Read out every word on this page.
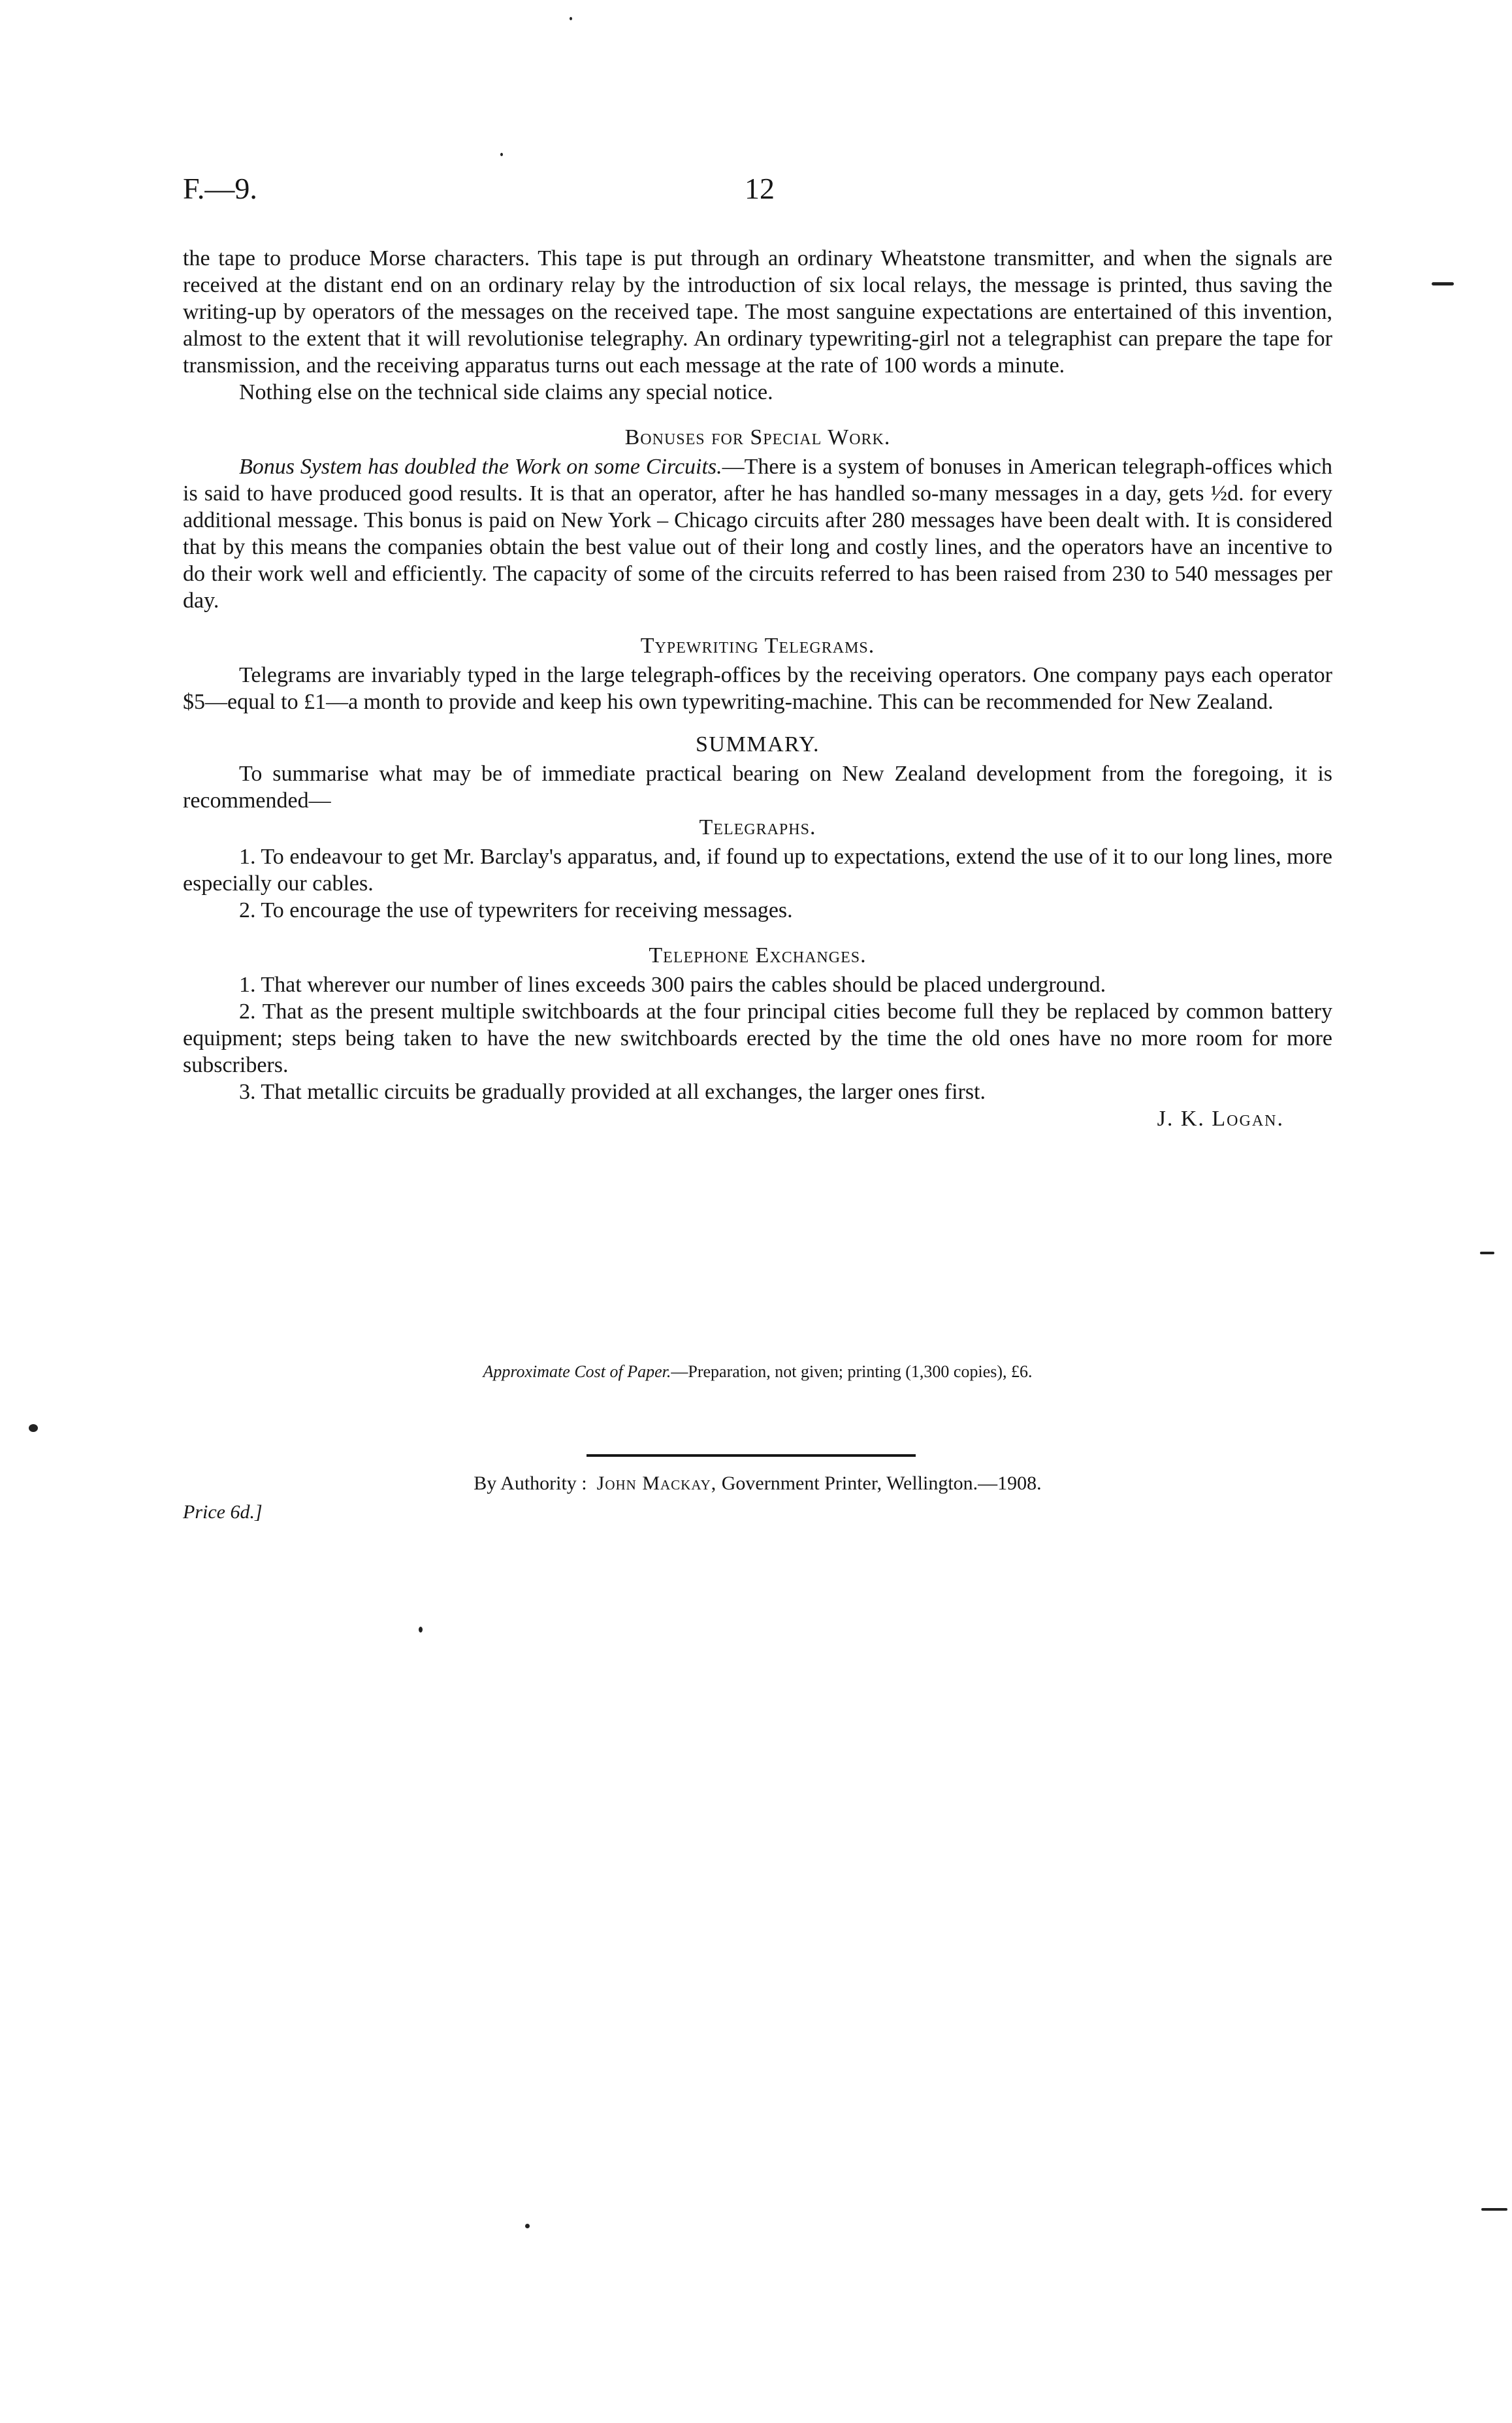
F.—9.	12

the tape to produce Morse characters. This tape is put through an ordinary Wheatstone transmitter, and when the signals are received at the distant end on an ordinary relay by the introduction of six local relays, the message is printed, thus saving the writing-up by operators of the messages on the received tape. The most sanguine expectations are entertained of this invention, almost to the extent that it will revolutionise telegraphy. An ordinary typewriting-girl not a telegraphist can prepare the tape for transmission, and the receiving apparatus turns out each message at the rate of 100 words a minute.

Nothing else on the technical side claims any special notice.

Bonuses for Special Work.

Bonus System has doubled the Work on some Circuits.—There is a system of bonuses in American telegraph-offices which is said to have produced good results. It is that an operator, after he has handled so-many messages in a day, gets ½d. for every additional message. This bonus is paid on New York – Chicago circuits after 280 messages have been dealt with. It is considered that by this means the companies obtain the best value out of their long and costly lines, and the operators have an incentive to do their work well and efficiently. The capacity of some of the circuits referred to has been raised from 230 to 540 messages per day.

Typewriting Telegrams.

Telegrams are invariably typed in the large telegraph-offices by the receiving operators. One company pays each operator $5—equal to £1—a month to provide and keep his own typewriting-machine. This can be recommended for New Zealand.

SUMMARY.

To summarise what may be of immediate practical bearing on New Zealand development from the foregoing, it is recommended—

Telegraphs.

1. To endeavour to get Mr. Barclay's apparatus, and, if found up to expectations, extend the use of it to our long lines, more especially our cables.

2. To encourage the use of typewriters for receiving messages.

Telephone Exchanges.

1. That wherever our number of lines exceeds 300 pairs the cables should be placed underground.

2. That as the present multiple switchboards at the four principal cities become full they be replaced by common battery equipment; steps being taken to have the new switchboards erected by the time the old ones have no more room for more subscribers.

3. That metallic circuits be gradually provided at all exchanges, the larger ones first.

J. K. Logan.
Approximate Cost of Paper.—Preparation, not given; printing (1,300 copies), £6.
By Authority : John Mackay, Government Printer, Wellington.—1908.
Price 6d.]
